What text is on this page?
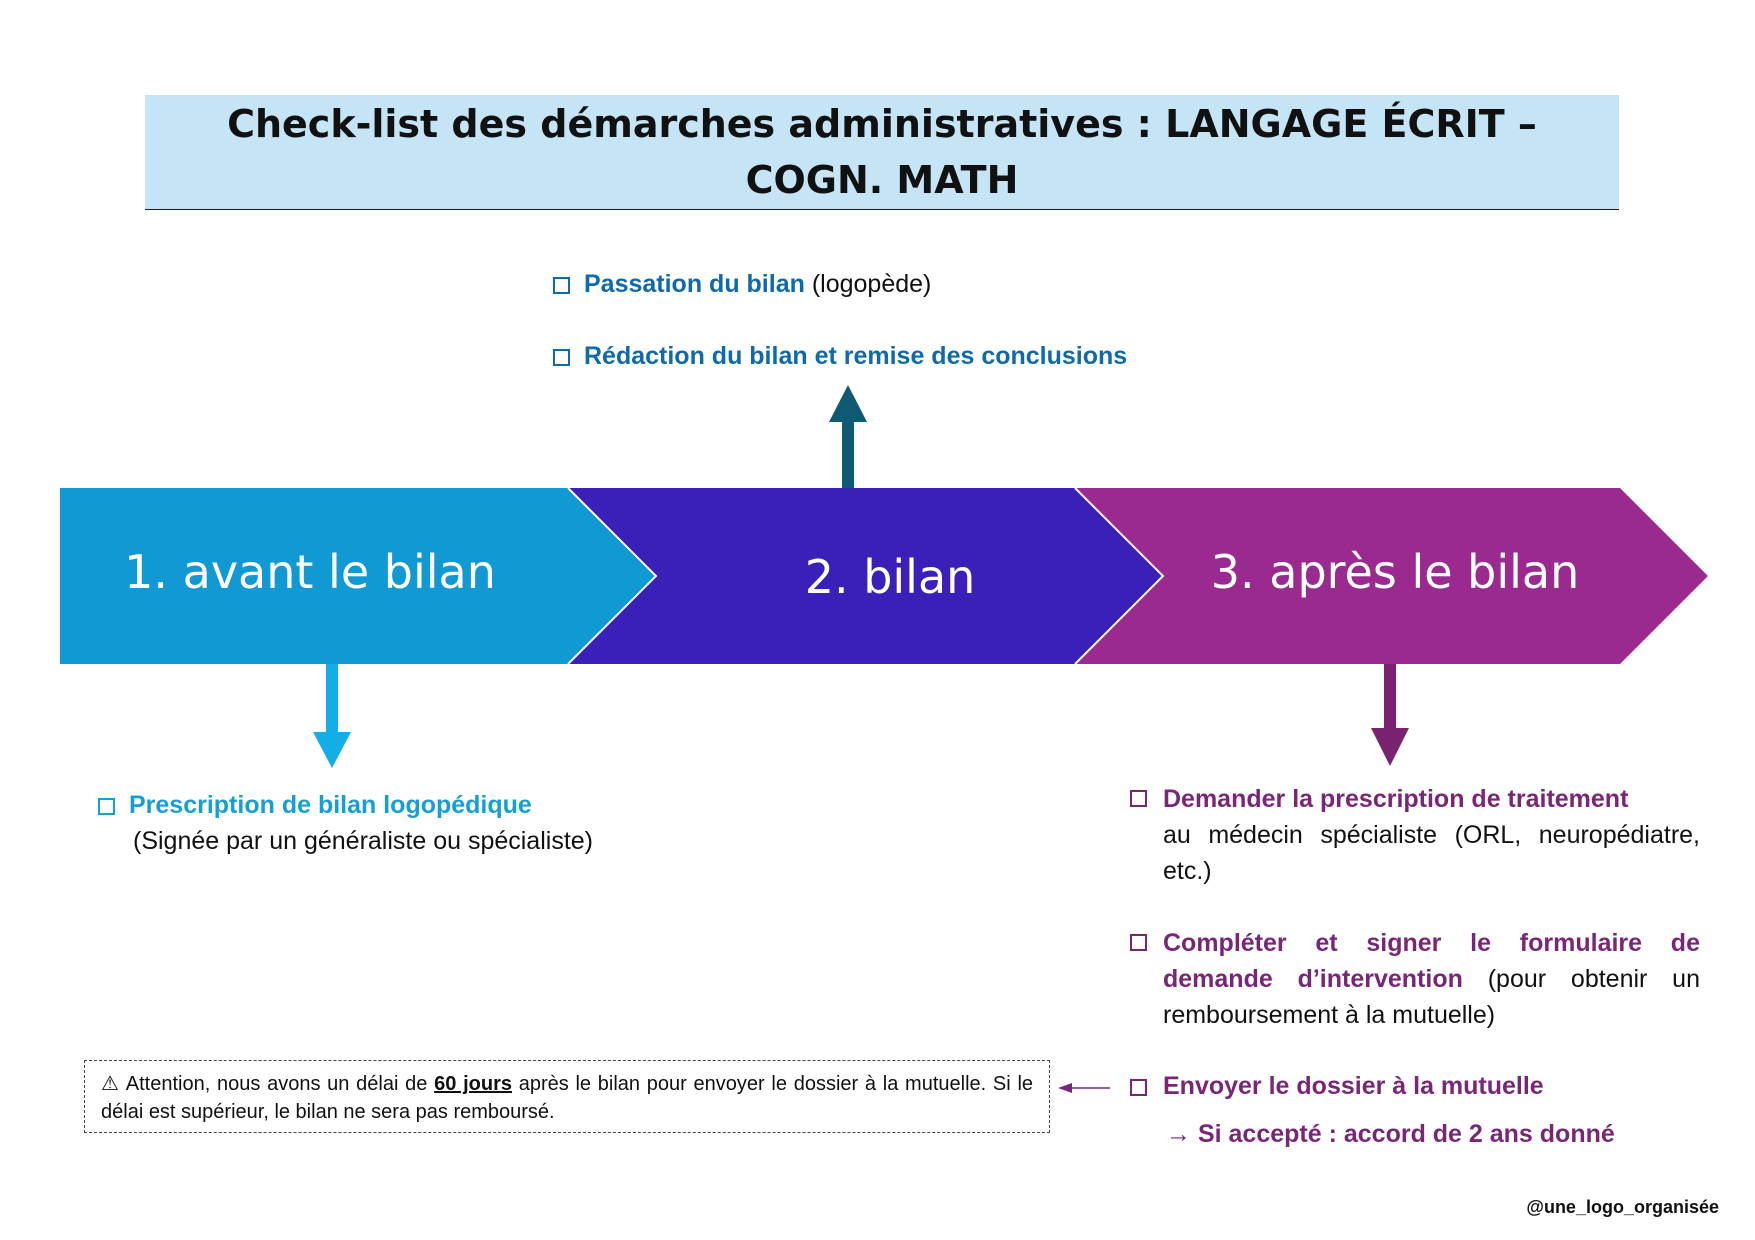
Check-list des démarches administratives : LANGAGE ÉCRIT – COGN. MATH
Passation du bilan (logopède)
Rédaction du bilan et remise des conclusions
1. avant le bilan	2. bilan	3. après le bilan
Prescription de bilan logopédique
(Signée par un généraliste ou spécialiste)
Demander la prescription de traitement
au médecin spécialiste (ORL, neuropédiatre, etc.)
Compléter et signer le formulaire de demande d’intervention (pour obtenir un remboursement à la mutuelle)
Envoyer le dossier à la mutuelle
→ Si accepté : accord de 2 ans donné
⚠ Attention, nous avons un délai de 60 jours après le bilan pour envoyer le dossier à la mutuelle. Si le délai est supérieur, le bilan ne sera pas remboursé.
@une_logo_organisée
